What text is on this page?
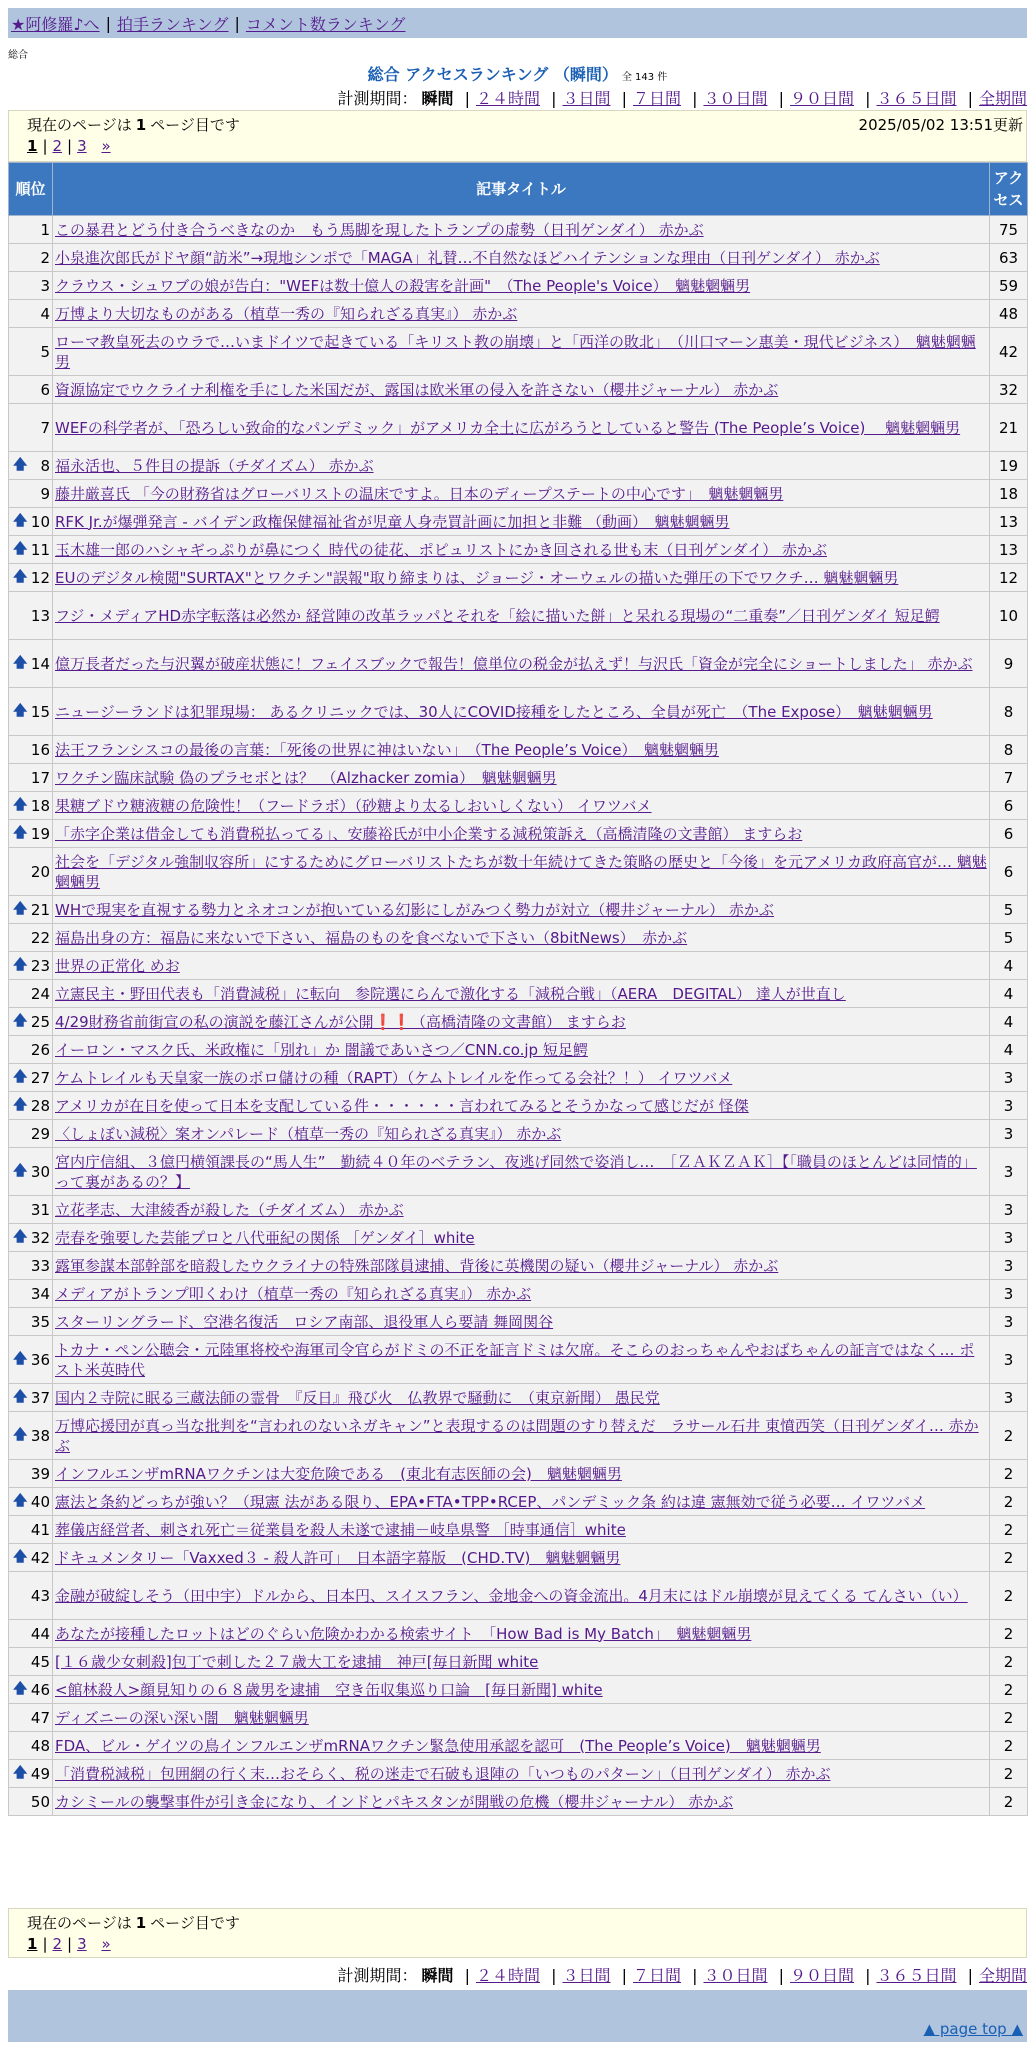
★阿修羅♪へ | 拍手ランキング | コメント数ランキング
総合
総合 アクセスランキング （瞬間） 全 143 件
計測期間： 瞬間 | ２４時間 | ３日間 | ７日間 | ３０日間 | ９０日間 | ３６５日間 | 全期間
現在のページは 1 ページ目です	2025/05/02 13:51更新
1 | 2 | 3 »
順位	記事タイトル	アクセス
1	この暴君とどう付き合うべきなのか　もう馬脚を現したトランプの虚勢（日刊ゲンダイ） 赤かぶ	75
2	小泉進次郎氏がドヤ顔“訪米”→現地シンポで「MAGA」礼賛…不自然なほどハイテンションな理由（日刊ゲンダイ） 赤かぶ	63
3	クラウス・シュワブの娘が告白："WEFは数十億人の殺害を計画"　（The People's Voice）　魑魅魍魎男	59
4	万博より大切なものがある（植草一秀の『知られざる真実』） 赤かぶ	48
5	ローマ教皇死去のウラで…いまドイツで起きている「キリスト教の崩壊」と「西洋の敗北」　（川口マーン惠美・現代ビジネス）　魑魅魍魎男	42
6	資源協定でウクライナ利権を手にした米国だが、露国は欧米軍の侵入を許さない（櫻井ジャーナル） 赤かぶ	32
7	WEFの科学者が、「恐ろしい致命的なパンデミック」がアメリカ全土に広がろうとしていると警告 (The People’s Voice)　 魑魅魍魎男	21

🡅 8	福永活也、５件目の提訴（チダイズム） 赤かぶ	19
9	藤井厳喜氏 「今の財務省はグローバリストの温床ですよ。日本のディープステートの中心です」　魑魅魍魎男	18

🡅 10	RFK Jr.が爆弾発言 - バイデン政権保健福祉省が児童人身売買計画に加担と非難 （動画）　魑魅魍魎男	13

🡅 11	玉木雄一郎のハシャギっぷりが鼻につく 時代の徒花、ポピュリストにかき回される世も末（日刊ゲンダイ） 赤かぶ	13

🡅 12	EUのデジタル検閲"SURTAX"とワクチン"誤報"取り締まりは、ジョージ・オーウェルの描いた弾圧の下でワクチ… 魑魅魍魎男	12
13	フジ・メディアHD赤字転落は必然か 経営陣の改革ラッパとそれを「絵に描いた餅」と呆れる現場の“二重奏”／日刊ゲンダイ 短足鰐	10

🡅 14	億万長者だった与沢翼が破産状態に！フェイスブックで報告！億単位の税金が払えず！与沢氏「資金が完全にショートしました」 赤かぶ	9

🡅 15	ニュージーランドは犯罪現場： あるクリニックでは、30人にCOVID接種をしたところ、全員が死亡　（The Expose）　魑魅魍魎男	8
16	法王フランシスコの最後の言葉：「死後の世界に神はいない」　（The People’s Voice）　魑魅魍魎男	8
17	ワクチン臨床試験 偽のプラセボとは？　（Alzhacker zomia）　魑魅魍魎男	7

🡅 18	果糖ブドウ糖液糖の危険性！（フードラボ）（砂糖より太るしおいしくない） イワツバメ	6

🡅 19	「赤字企業は借金しても消費税払ってる」、安藤裕氏が中小企業する減税策訴え（高橋清隆の文書館） ますらお	6
20	社会を「デジタル強制収容所」にするためにグローバリストたちが数十年続けてきた策略の歴史と「今後」を元アメリカ政府高官が… 魑魅魍魎男	6

🡅 21	WHで現実を直視する勢力とネオコンが抱いている幻影にしがみつく勢力が対立（櫻井ジャーナル） 赤かぶ	5
22	福島出身の方：福島に来ないで下さい、福島のものを食べないで下さい（8bitNews）　赤かぶ	5

🡅 23	世界の正常化 めお	4
24	立憲民主・野田代表も「消費減税」に転向　参院選にらんで激化する「減税合戦」（AERA　DEGITAL） 達人が世直し	4

🡅 25	4/29財務省前街宣の私の演説を藤江さんが公開❗❗（高橋清隆の文書館） ますらお	4
26	イーロン・マスク氏、米政権に「別れ」か 闇議であいさつ／CNN.co.jp 短足鰐	4

🡅 27	ケムトレイルも天皇家一族のボロ儲けの種（RAPT）（ケムトレイルを作ってる会社？！） イワツバメ	3

🡅 28	アメリカが在日を使って日本を支配している件・・・・・・言われてみるとそうかなって感じだが 怪傑	3
29	〈しょぼい減税〉案オンパレード（植草一秀の『知られざる真実』） 赤かぶ	3

🡅 30	宮内庁信組、３億円横領課長の“馬人生”　勤続４０年のベテラン、夜逃げ同然で姿消し…　［ＺＡＫＺＡＫ］【「職員のほとんどは同情的」って裏があるの？】	3
31	立花孝志、大津綾香が殺した（チダイズム） 赤かぶ	3

🡅 32	売春を強要した芸能プロと八代亜紀の関係 ［ゲンダイ］white	3
33	露軍参謀本部幹部を暗殺したウクライナの特殊部隊員逮捕、背後に英機関の疑い（櫻井ジャーナル） 赤かぶ	3
34	メディアがトランプ叩くわけ（植草一秀の『知られざる真実』） 赤かぶ	3
35	スターリングラード、空港名復活　ロシア南部、退役軍人ら要請 舞岡関谷	3

🡅 36	トカナ・ペン公聴会・元陸軍将校や海軍司令官らがドミの不正を証言ドミは欠席。そこらのおっちゃんやおばちゃんの証言ではなく… ポスト米英時代	3

🡅 37	国内２寺院に眠る三蔵法師の霊骨　『反日』飛び火　仏教界で騒動に　（東京新聞） 愚民党	3

🡅 38	万博応援団が真っ当な批判を“言われのないネガキャン”と表現するのは問題のすり替えだ　ラサール石井 東憤西笑（日刊ゲンダイ… 赤かぶ	2
39	インフルエンザmRNAワクチンは大変危険である　(東北有志医師の会)　魑魅魍魎男	2

🡅 40	憲法と条約どっちが強い？（現憲 法がある限り、EPA•FTA•TPP•RCEP、パンデミック条 約は違 憲無効で従う必要… イワツバメ	2
41	葬儀店経営者、刺され死亡＝従業員を殺人未遂で逮捕－岐阜県警 ［時事通信］white	2

🡅 42	ドキュメンタリー「Vaxxed３ - 殺人許可」　日本語字幕版　(CHD.TV)　魑魅魍魎男	2
43	金融が破綻しそう（田中宇）ドルから、日本円、スイスフラン、金地金への資金流出。4月末にはドル崩壊が見えてくる てんさい（い）	2
44	あなたが接種したロットはどのぐらい危険かわかる検索サイト　「How Bad is My Batch」　魑魅魍魎男	2
45	[１６歳少女刺殺]包丁で刺した２７歳大工を逮捕　神戸[毎日新聞 white	2

🡅 46	<館林殺人>顔見知りの６８歳男を逮捕　空き缶収集巡り口論　[毎日新聞] white	2
47	ディズニーの深い深い闇　魑魅魍魎男	2
48	FDA、ビル・ゲイツの鳥インフルエンザmRNAワクチン緊急使用承認を認可　(The People’s Voice)　魑魅魍魎男	2

🡅 49	「消費税減税」包囲網の行く末…おそらく、税の迷走で石破も退陣の「いつものパターン」（日刊ゲンダイ） 赤かぶ	2
50	カシミールの襲撃事件が引き金になり、インドとパキスタンが開戦の危機（櫻井ジャーナル） 赤かぶ	2
現在のページは 1 ページ目です
1 | 2 | 3 »
計測期間： 瞬間 | ２４時間 | ３日間 | ７日間 | ３０日間 | ９０日間 | ３６５日間 | 全期間
▲ page top ▲
